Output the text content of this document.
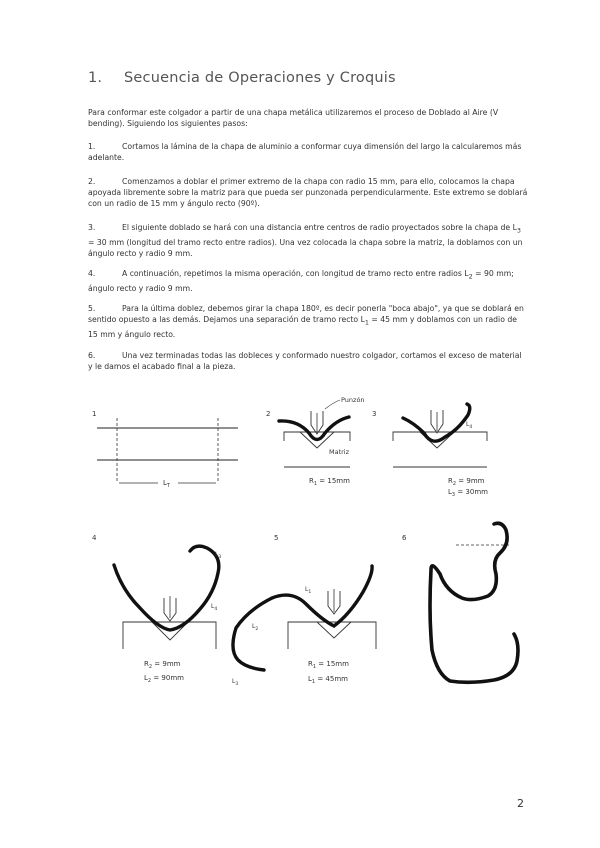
1. Secuencia de Operaciones y Croquis
Para conformar este colgador a partir de una chapa metálica utilizaremos el proceso de Doblado al Aire (V bending). Siguiendo los siguientes pasos:
1.	Cortamos la lámina de la chapa de aluminio a conformar cuya dimensión del largo la calcularemos más adelante.
2.	Comenzamos a doblar el primer extremo de la chapa con radio 15 mm, para ello, colocamos la chapa apoyada libremente sobre la matriz para que pueda ser punzonada perpendicularmente. Este extremo se doblará con un radio de 15 mm y ángulo recto (90º).
3.	El siguiente doblado se hará con una distancia entre centros de radio proyectados sobre la chapa de $L_3 = 30$ mm (longitud del tramo recto entre radios). Una vez colocada la chapa sobre la matriz, la doblamos con un ángulo recto y radio 9 mm.
4.	A continuación, repetimos la misma operación, con longitud de tramo recto entre radios $L_2 = 90$ mm; ángulo recto y radio 9 mm.
5.	Para la última doblez, debemos girar la chapa 180º, es decir ponerla "boca abajo", ya que se doblará en sentido opuesto a las demás. Dejamos una separación de tramo recto $L_1 = 45$ mm y doblamos con un radio de 15 mm y ángulo recto.
6.	Una vez terminadas todas las dobleces y conformado nuestro colgador, cortamos el exceso de material y le damos el acabado final a la pieza.
1
$L_T$
2
Punzón
Matriz
$R_1 = 15mm$
3
$L_4$
$R_2 = 9mm$
$L_3 = 30mm$
4
$L_3$
$L_4$
$R_2 = 9mm$
$L_2 = 90mm$
5
$L_1$
$L_2$
$L_3$
$R_1 = 15mm$
$L_1 = 45mm$
6
2
